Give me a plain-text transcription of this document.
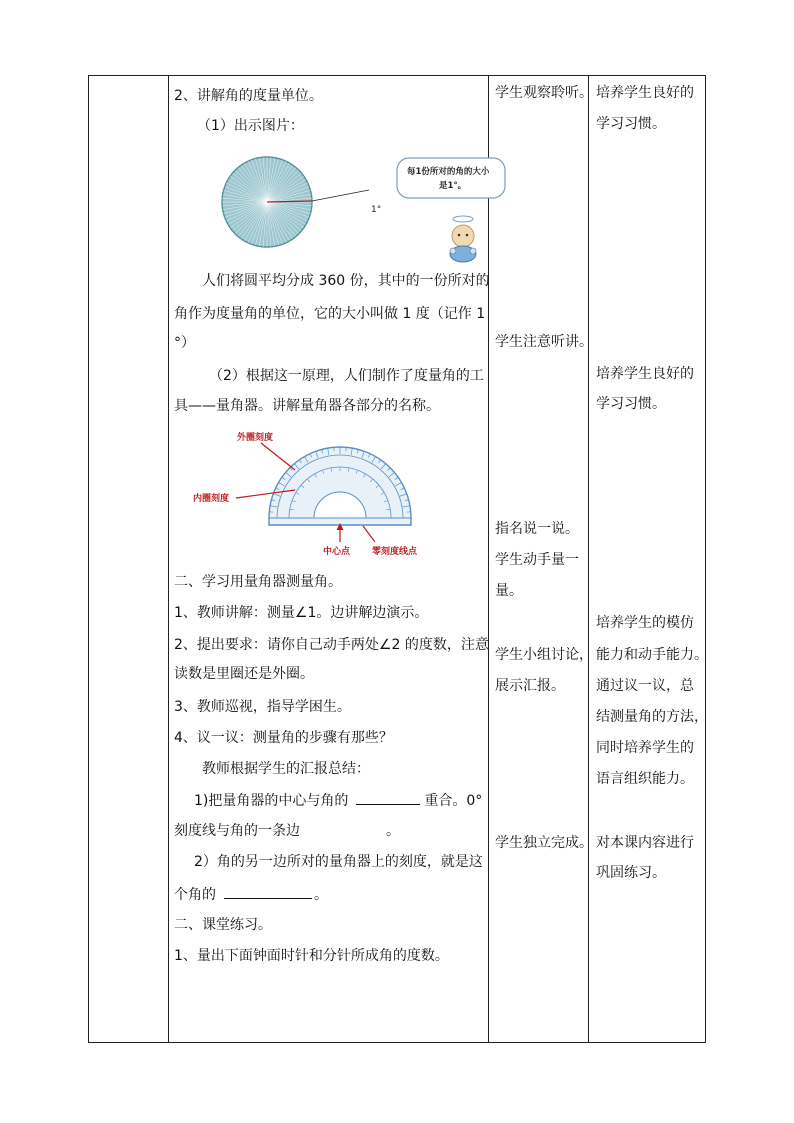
2、讲解角的度量单位。
（1）出示图片：
1°
每1份所对的角的大小
是1°。
人们将圆平均分成 360 份，其中的一份所对的
角作为度量角的单位，它的大小叫做 1 度（记作 1
°）
（2）根据这一原理，人们制作了度量角的工
具——量角器。讲解量角器各部分的名称。
外圈刻度
内圈刻度
中心点 零刻度线点
二、学习用量角器测量角。
1、教师讲解：测量∠1。边讲解边演示。
2、提出要求：请你自己动手两处∠2 的度数，注意
读数是里圈还是外圈。
3、教师巡视，指导学困生。
4、议一议：测量角的步骤有那些？
教师根据学生的汇报总结：
1)把量角器的中心与角的	重合。0°
刻度线与角的一条边	。
2）角的另一边所对的量角器上的刻度，就是这
个角的	。
二、课堂练习。
1、量出下面钟面时针和分针所成角的度数。
学生观察聆听。
学生注意听讲。
指名说一说。
学生动手量一
量。
学生小组讨论，
展示汇报。
学生独立完成。
培养学生良好的
学习习惯。
培养学生良好的
学习习惯。
培养学生的模仿
能力和动手能力。
通过议一议，总
结测量角的方法，
同时培养学生的
语言组织能力。
对本课内容进行
巩固练习。
